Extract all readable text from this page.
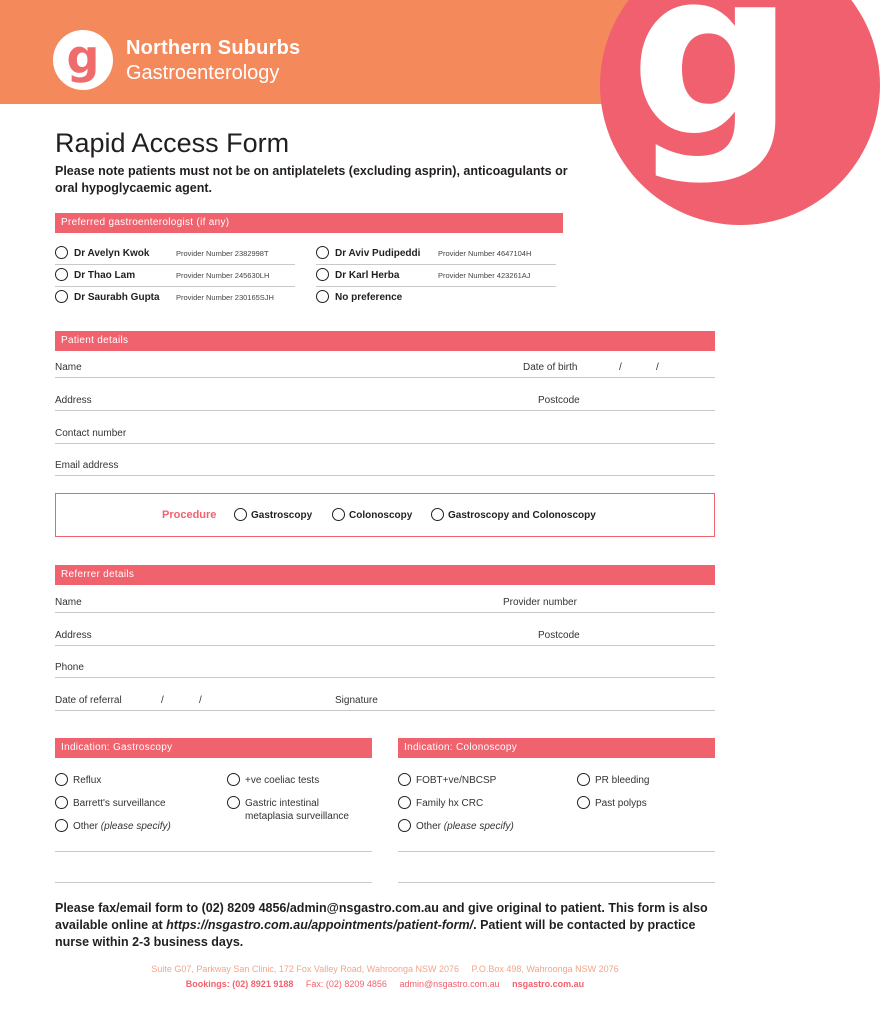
g	Northern Suburbs
Gastroenterology g
Rapid Access Form
Please note patients must not be on antiplatelets (excluding asprin), anticoagulants or oral hypoglycaemic agent.
Preferred gastroenterologist (if any)
Dr Avelyn Kwok	Provider Number 2382998T
Dr Thao Lam	Provider Number 245630LH
Dr Saurabh Gupta Provider Number 230165SJH
Dr Aviv Pudipeddi Provider Number 4647104H
Dr Karl Herba	Provider Number 423261AJ
No preference
Patient details
Name	Date of birth	/	/
Address	Postcode
Contact number
Email address
Procedure	Gastroscopy	Colonoscopy	Gastroscopy and Colonoscopy
Referrer details
Name	Provider number
Address	Postcode
Phone
Date of referral	/	/	Signature
Indication: Gastroscopy	Indication: Colonoscopy
Reflux
Barrett's surveillance
Other (please specify)
+ve coeliac tests
Gastric intestinal
metaplasia surveillance
FOBT+ve/NBCSP
Family hx CRC
Other (please specify)
PR bleeding
Past polyps
Please fax/email form to (02) 8209 4856/admin@nsgastro.com.au and give original to patient. This form is also available online at https://nsgastro.com.au/appointments/patient-form/. Patient will be contacted by practice nurse within 2-3 business days.
Suite G07, Parkway San Clinic, 172 Fox Valley Road, Wahroonga NSW 2076 P.O.Box 498, Wahroonga NSW 2076
Bookings: (02) 8921 9188 Fax: (02) 8209 4856 admin@nsgastro.com.au nsgastro.com.au
